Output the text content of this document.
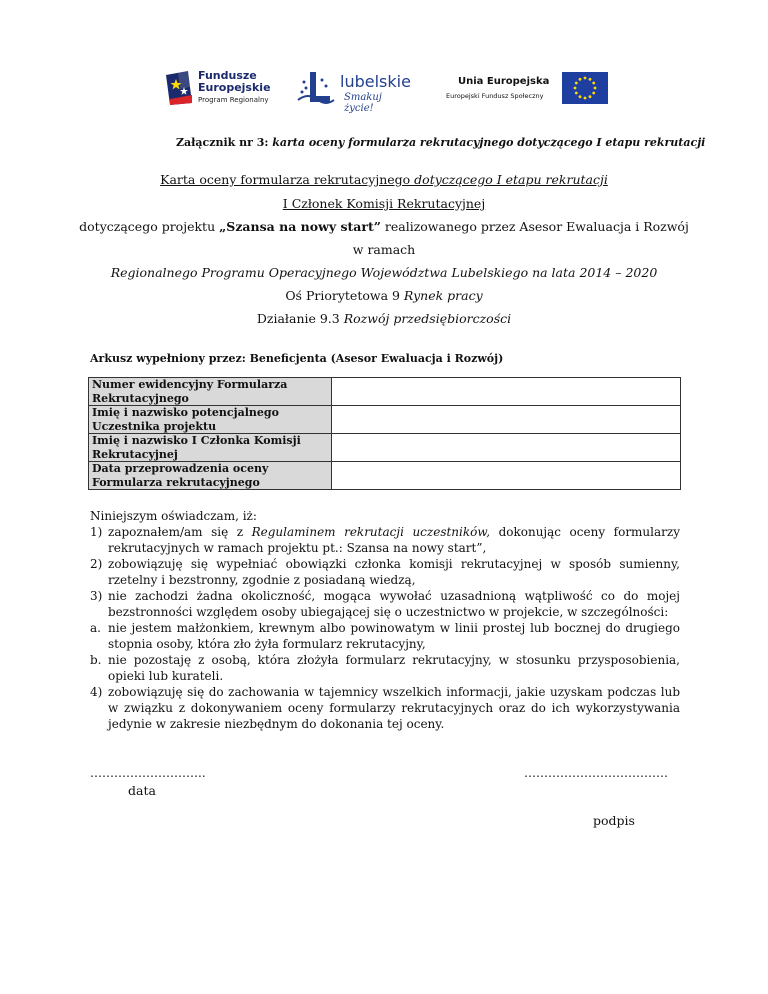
Fundusze
Europejskie
Program Regionalny
lubelskie
Smakuj życie!
Unia Europejska
Europejski Fundusz Społeczny
Załącznik nr 3: karta oceny formularza rekrutacyjnego dotyczącego I etapu rekrutacji
Karta oceny formularza rekrutacyjnego dotyczącego I etapu rekrutacji
I Członek Komisji Rekrutacyjnej
dotyczącego projektu „Szansa na nowy start” realizowanego przez Asesor Ewaluacja i Rozwój
w ramach
Regionalnego Programu Operacyjnego Województwa Lubelskiego na lata 2014 – 2020
Oś Priorytetowa 9 Rynek pracy
Działanie 9.3 Rozwój przedsiębiorczości
Arkusz wypełniony przez: Beneficjenta (Asesor Ewaluacja i Rozwój)
Numer ewidencyjny Formularza
Rekrutacyjnego	
Imię i nazwisko potencjalnego
Uczestnika projektu	
Imię i nazwisko I Członka Komisji
Rekrutacyjnej	
Data przeprowadzenia oceny
Formularza rekrutacyjnego	
Niniejszym oświadczam, iż:
1) zapoznałem/am się z Regulaminem rekrutacji uczestników, dokonując oceny formularzy rekrutacyjnych w ramach projektu pt.: Szansa na nowy start”,
2) zobowiązuję się wypełniać obowiązki członka komisji rekrutacyjnej w sposób sumienny, rzetelny i bezstronny, zgodnie z posiadaną wiedzą,
3) nie zachodzi żadna okoliczność, mogąca wywołać uzasadnioną wątpliwość co do mojej bezstronności względem osoby ubiegającej się o uczestnictwo w projekcie, w szczególności:
a. nie jestem małżonkiem, krewnym albo powinowatym w linii prostej lub bocznej do drugiego stopnia osoby, która zło żyła formularz rekrutacyjny,
b. nie pozostaję z osobą, która złożyła formularz rekrutacyjny, w stosunku przysposobienia, opieki lub kurateli.
4) zobowiązuję się do zachowania w tajemnicy wszelkich informacji, jakie uzyskam podczas lub w związku z dokonywaniem oceny formularzy rekrutacyjnych oraz do ich wykorzystywania jedynie w zakresie niezbędnym do dokonania tej oceny.
………………………..	………………………………
data
podpis
